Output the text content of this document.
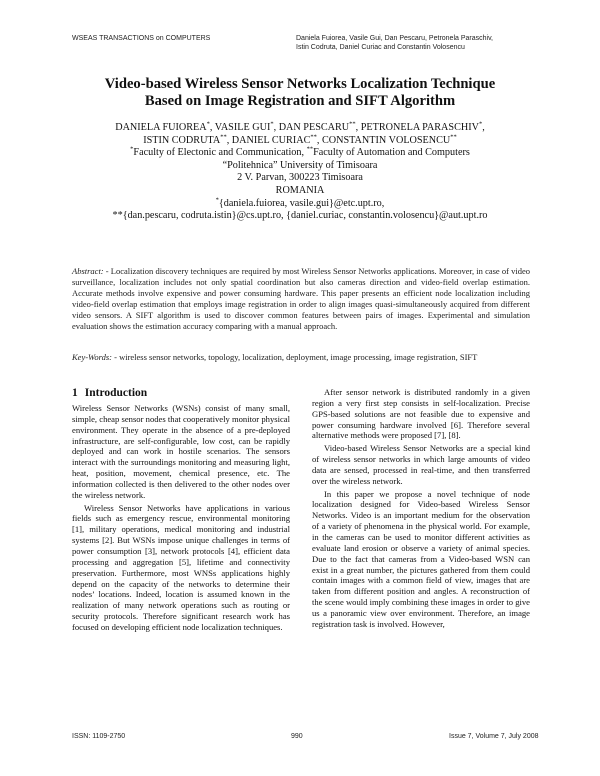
WSEAS TRANSACTIONS on COMPUTERS	Daniela Fuiorea, Vasile Gui, Dan Pescaru, Petronela Paraschiv,
Istin Codruta, Daniel Curiac and Constantin Volosencu
Video-based Wireless Sensor Networks Localization Technique
Based on Image Registration and SIFT Algorithm
DANIELA FUIOREA*, VASILE GUI*, DAN PESCARU**, PETRONELA PARASCHIV*,
ISTIN CODRUTA**, DANIEL CURIAC**, CONSTANTIN VOLOSENCU**
*Faculty of Electonic and Communication, **Faculty of Automation and Computers
“Politehnica” University of Timisoara
2 V. Parvan, 300223 Timisoara
ROMANIA
*{daniela.fuiorea, vasile.gui}@etc.upt.ro,
**{dan.pescaru, codruta.istin}@cs.upt.ro, {daniel.curiac, constantin.volosencu}@aut.upt.ro
Abstract: - Localization discovery techniques are required by most Wireless Sensor Networks applications. Moreover, in case of video surveillance, localization includes not only spatial coordination but also cameras direction and video-field overlap estimation. Accurate methods involve expensive and power consuming hardware. This paper presents an efficient node localization including video-field overlap estimation that employs image registration in order to align images quasi-simultaneously acquired from different video sensors. A SIFT algorithm is used to discover common features between pairs of images. Experimental and simulation evaluation shows the estimation accuracy comparing with a manual approach.
Key-Words: - wireless sensor networks, topology, localization, deployment, image processing, image registration, SIFT
1 Introduction

Wireless Sensor Networks (WSNs) consist of many small, simple, cheap sensor nodes that cooperatively monitor physical environment. They operate in the absence of a pre-deployed infrastructure, are self-configurable, low cost, can be rapidly deployed and can work in hostile scenarios. The sensors interact with the surroundings monitoring and measuring light, heat, position, movement, chemical presence, etc. The information collected is then delivered to the other nodes over the wireless network.

Wireless Sensor Networks have applications in various fields such as emergency rescue, environmental monitoring [1], military operations, medical monitoring and industrial systems [2]. But WSNs impose unique challenges in terms of power consumption [3], network protocols [4], efficient data processing and aggregation [5], lifetime and connectivity preservation. Furthermore, most WNSs applications highly depend on the capacity of the networks to determine their nodes’ locations. Indeed, location is assumed known in the realization of many network operations such as routing or security protocols. Therefore significant research work has focused on developing efficient node localization techniques.

After sensor network is distributed randomly in a given region a very first step consists in self-localization. Precise GPS-based solutions are not feasible due to expensive and power consuming hardware involved [6]. Therefore several alternative methods were proposed [7], [8].

Video-based Wireless Sensor Networks are a special kind of wireless sensor networks in which large amounts of video data are sensed, processed in real-time, and then transferred over the wireless network.

In this paper we propose a novel technique of node localization designed for Video-based Wireless Sensor Networks. Video is an important medium for the observation of a variety of phenomena in the physical world. For example, in the cameras can be used to monitor different activities as evaluate land erosion or observe a variety of animal species. Due to the fact that cameras from a Video-based WSN can exist in a great number, the pictures gathered from them could contain images with a common field of view, images that are taken from different position and angles. A reconstruction of the scene would imply combining these images in order to give us a panoramic view over environment. Therefore, an image registration task is involved. However,

ISSN: 1109-2750	990	Issue 7, Volume 7, July 2008
